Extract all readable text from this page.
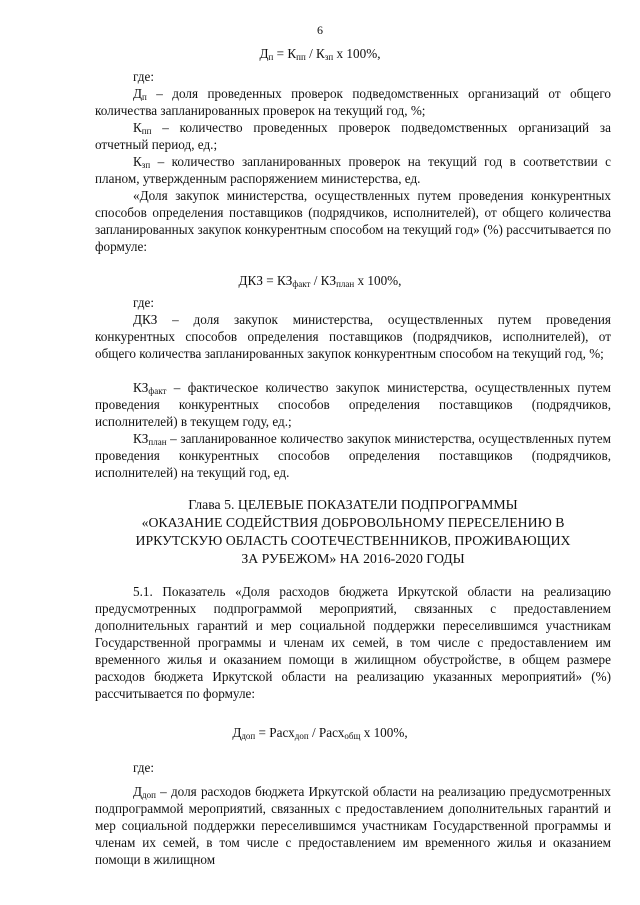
6
$Д_п = К_{пп} / К_{зп}$ х 100%,
где:
$Д_п$ – доля проведенных проверок подведомственных организаций от общего количества запланированных проверок на текущий год, %;
$К_{пп}$ – количество проведенных проверок подведомственных организаций за отчетный период, ед.;
$К_{зп}$ – количество запланированных проверок на текущий год в соответствии с планом, утвержденным распоряжением министерства, ед.
«Доля закупок министерства, осуществленных путем проведения конкурентных способов определения поставщиков (подрядчиков, исполнителей), от общего количества запланированных закупок конкурентным способом на текущий год» (%) рассчитывается по формуле:
ДКЗ = $КЗ_{факт} / КЗ_{план}$ х 100%,
где:
ДКЗ – доля закупок министерства, осуществленных путем проведения конкурентных способов определения поставщиков (подрядчиков, исполнителей), от общего количества запланированных закупок конкурентным способом на текущий год, %;
$КЗ_{факт}$ – фактическое количество закупок министерства, осуществленных путем проведения конкурентных способов определения поставщиков (подрядчиков, исполнителей) в текущем году, ед.;
$КЗ_{план}$ – запланированное количество закупок министерства, осуществленных путем проведения конкурентных способов определения поставщиков (подрядчиков, исполнителей) на текущий год, ед.
Глава 5. ЦЕЛЕВЫЕ ПОКАЗАТЕЛИ ПОДПРОГРАММЫ
«ОКАЗАНИЕ СОДЕЙСТВИЯ ДОБРОВОЛЬНОМУ ПЕРЕСЕЛЕНИЮ В
ИРКУТСКУЮ ОБЛАСТЬ СООТЕЧЕСТВЕННИКОВ, ПРОЖИВАЮЩИХ
ЗА РУБЕЖОМ» НА 2016-2020 ГОДЫ
5.1. Показатель «Доля расходов бюджета Иркутской области на реализацию предусмотренных подпрограммой мероприятий, связанных с предоставлением дополнительных гарантий и мер социальной поддержки переселившимся участникам Государственной программы и членам их семей, в том числе с предоставлением им временного жилья и оказанием помощи в жилищном обустройстве, в общем размере расходов бюджета Иркутской области на реализацию указанных мероприятий» (%) рассчитывается по формуле:
$Д_{доп}$ = Расх$_{доп}$ / Расх$_{общ}$ х 100%,
где:
$Д_{доп}$ – доля расходов бюджета Иркутской области на реализацию предусмотренных подпрограммой мероприятий, связанных с предоставлением дополнительных гарантий и мер социальной поддержки переселившимся участникам Государственной программы и членам их семей, в том числе с предоставлением им временного жилья и оказанием помощи в жилищном
